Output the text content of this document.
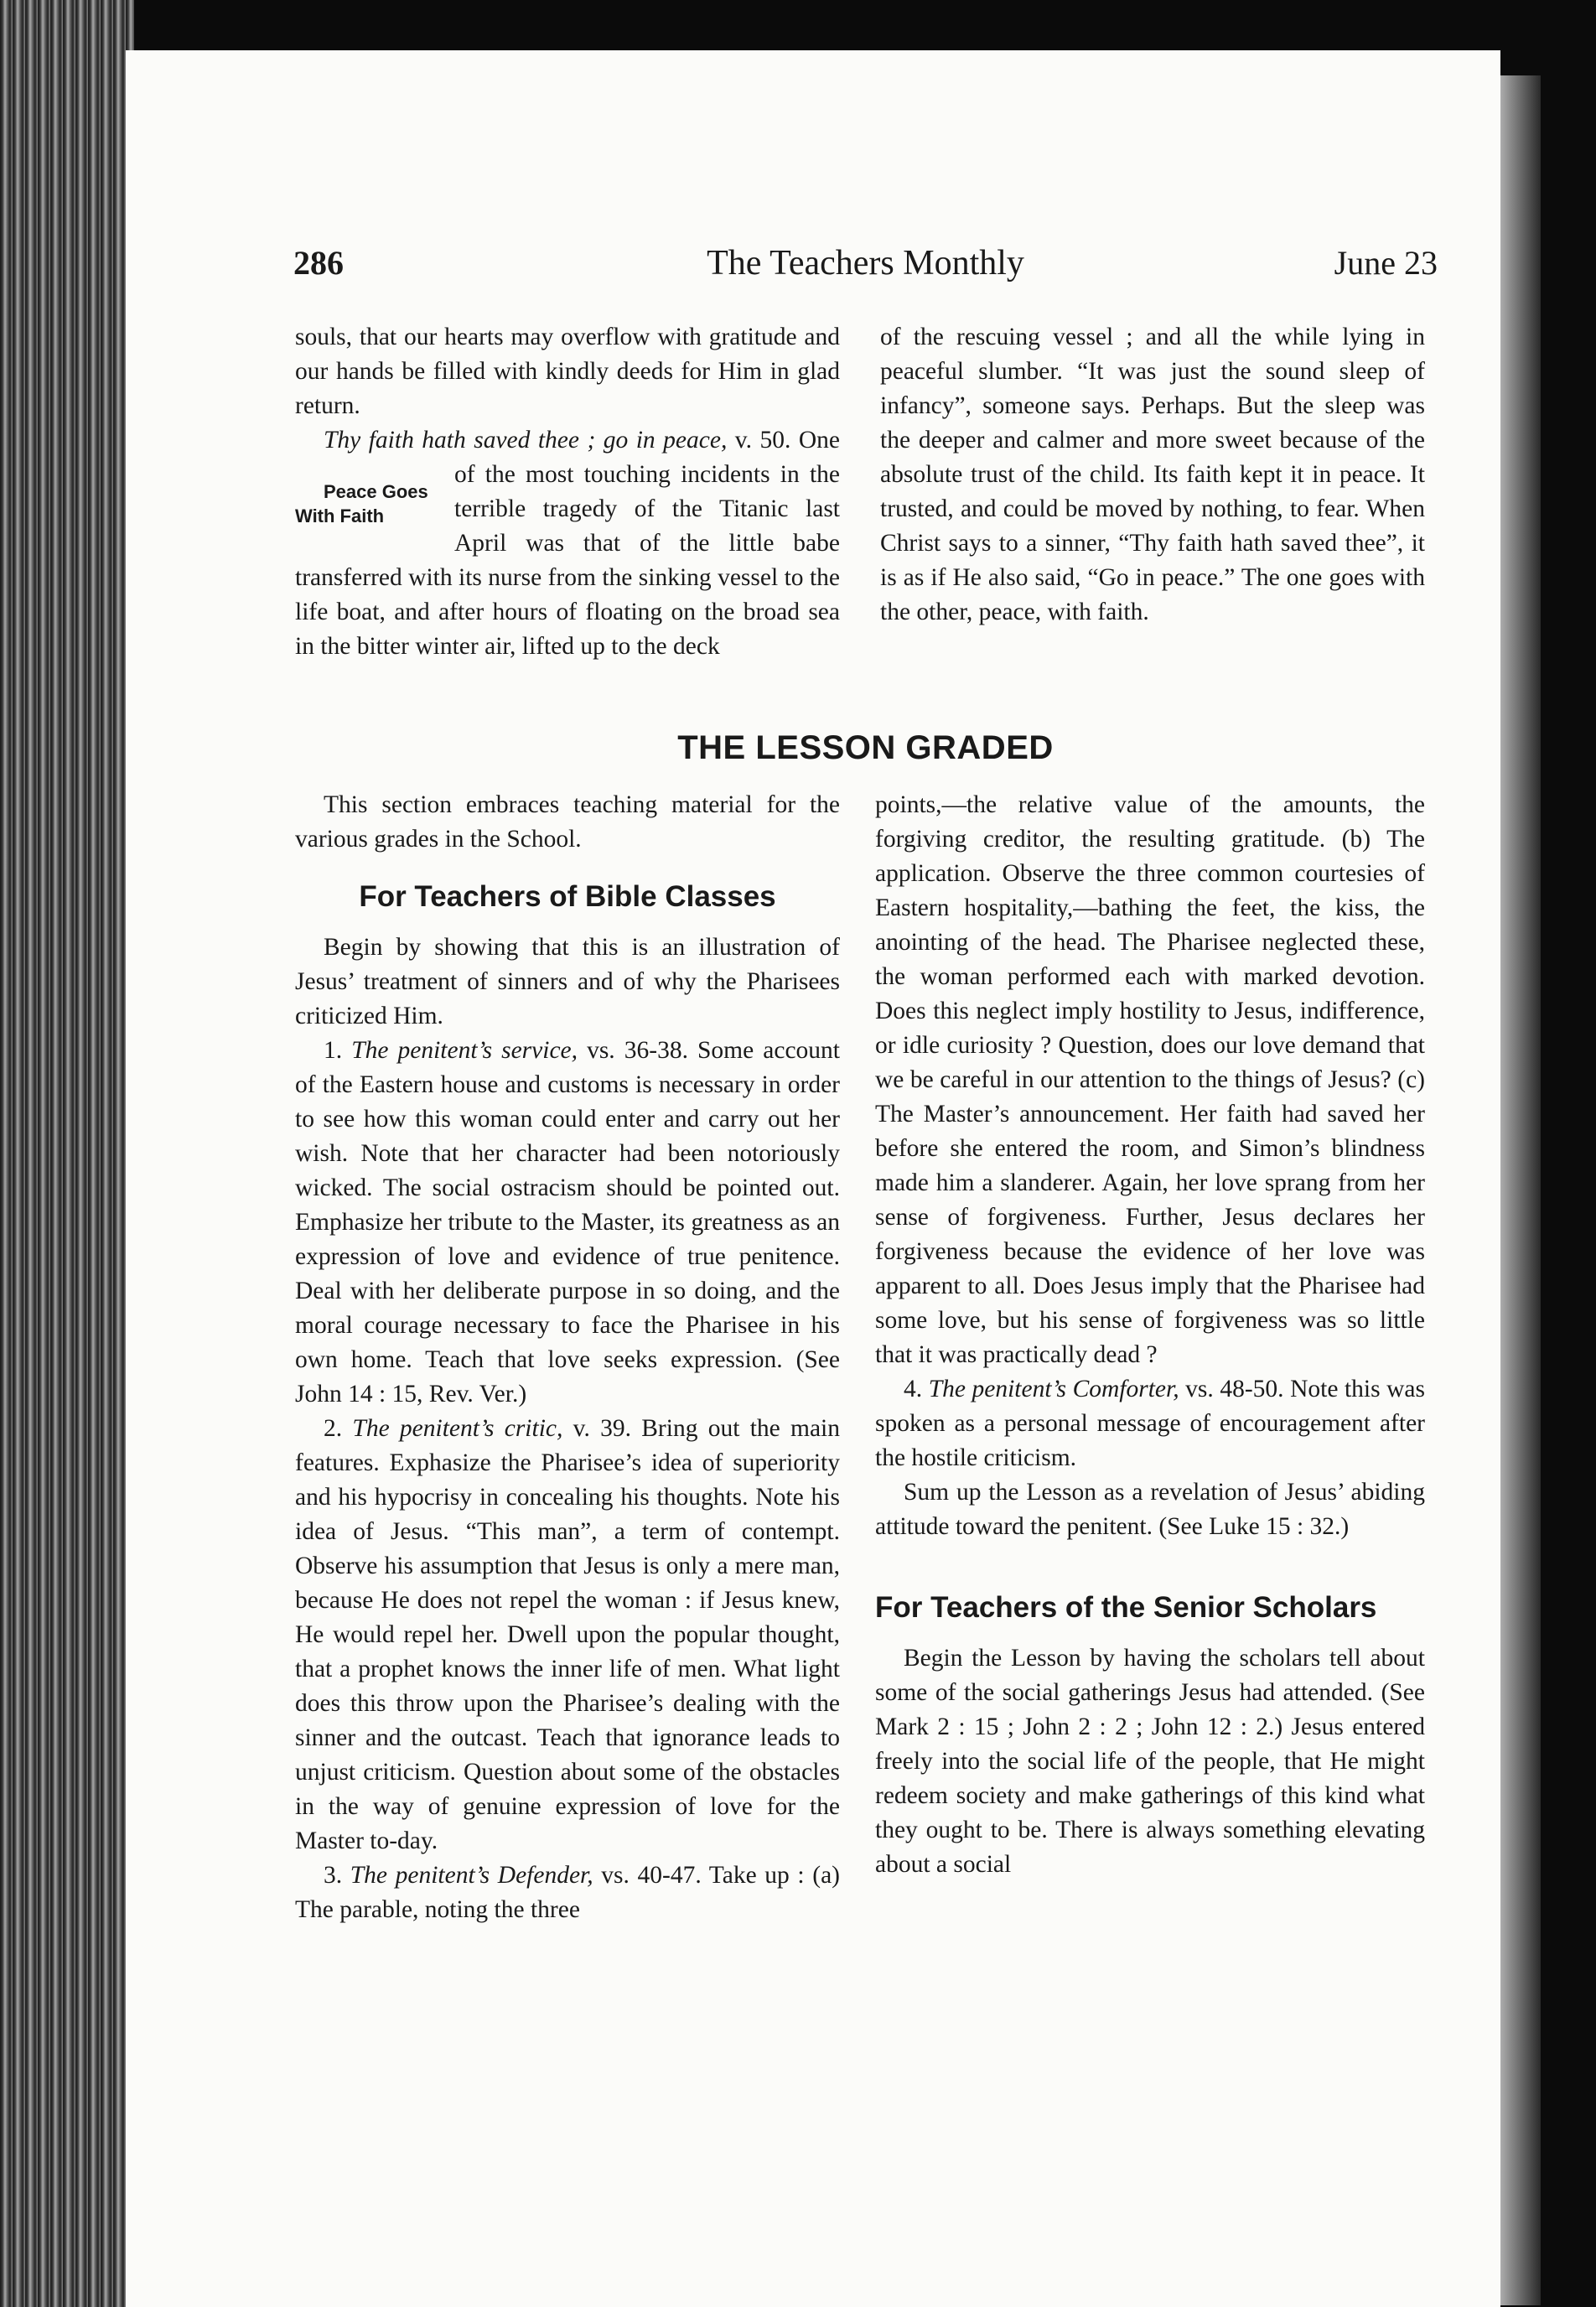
286	The Teachers Monthly	June 23

souls, that our hearts may overflow with gratitude and our hands be filled with kindly deeds for Him in glad return.

Thy faith hath saved thee ; go in peace, v. 50.
Peace Goes With Faith
One of the most touching incidents in the terrible tragedy of the Titanic last April was that of the little babe transferred with its nurse from the sinking vessel to the life boat, and after hours of floating on the broad sea in the bitter winter air, lifted up to the deck

of the rescuing vessel ; and all the while lying in peaceful slumber. “It was just the sound sleep of infancy”, someone says. Perhaps. But the sleep was the deeper and calmer and more sweet because of the absolute trust of the child. Its faith kept it in peace. It trusted, and could be moved by nothing, to fear. When Christ says to a sinner, “Thy faith hath saved thee”, it is as if He also said, “Go in peace.” The one goes with the other, peace, with faith.

THE LESSON GRADED

This section embraces teaching material for the various grades in the School.

For Teachers of Bible Classes

Begin by showing that this is an illustration of Jesus’ treatment of sinners and of why the Pharisees criticized Him.

1. The penitent’s service, vs. 36-38. Some account of the Eastern house and customs is necessary in order to see how this woman could enter and carry out her wish. Note that her character had been notoriously wicked. The social ostracism should be pointed out. Emphasize her tribute to the Master, its greatness as an expression of love and evidence of true penitence. Deal with her deliberate purpose in so doing, and the moral courage necessary to face the Pharisee in his own home. Teach that love seeks expression. (See John 14 : 15, Rev. Ver.)

2. The penitent’s critic, v. 39. Bring out the main features. Exphasize the Pharisee’s idea of superiority and his hypocrisy in concealing his thoughts. Note his idea of Jesus. “This man”, a term of contempt. Observe his assumption that Jesus is only a mere man, because He does not repel the woman : if Jesus knew, He would repel her. Dwell upon the popular thought, that a prophet knows the inner life of men. What light does this throw upon the Pharisee’s dealing with the sinner and the outcast. Teach that ignorance leads to unjust criticism. Question about some of the obstacles in the way of genuine expression of love for the Master to-day.

3. The penitent’s Defender, vs. 40-47. Take up : (a) The parable, noting the three

points,—the relative value of the amounts, the forgiving creditor, the resulting gratitude. (b) The application. Observe the three common courtesies of Eastern hospitality,—bathing the feet, the kiss, the anointing of the head. The Pharisee neglected these, the woman performed each with marked devotion. Does this neglect imply hostility to Jesus, indifference, or idle curiosity ? Question, does our love demand that we be careful in our attention to the things of Jesus? (c) The Master’s announcement. Her faith had saved her before she entered the room, and Simon’s blindness made him a slanderer. Again, her love sprang from her sense of forgiveness. Further, Jesus declares her forgiveness because the evidence of her love was apparent to all. Does Jesus imply that the Pharisee had some love, but his sense of forgiveness was so little that it was practically dead ?

4. The penitent’s Comforter, vs. 48-50. Note this was spoken as a personal message of encouragement after the hostile criticism.

Sum up the Lesson as a revelation of Jesus’ abiding attitude toward the penitent. (See Luke 15 : 32.)

For Teachers of the Senior Scholars

Begin the Lesson by having the scholars tell about some of the social gatherings Jesus had attended. (See Mark 2 : 15 ; John 2 : 2 ; John 12 : 2.) Jesus entered freely into the social life of the people, that He might redeem society and make gatherings of this kind what they ought to be. There is always something elevating about a social
